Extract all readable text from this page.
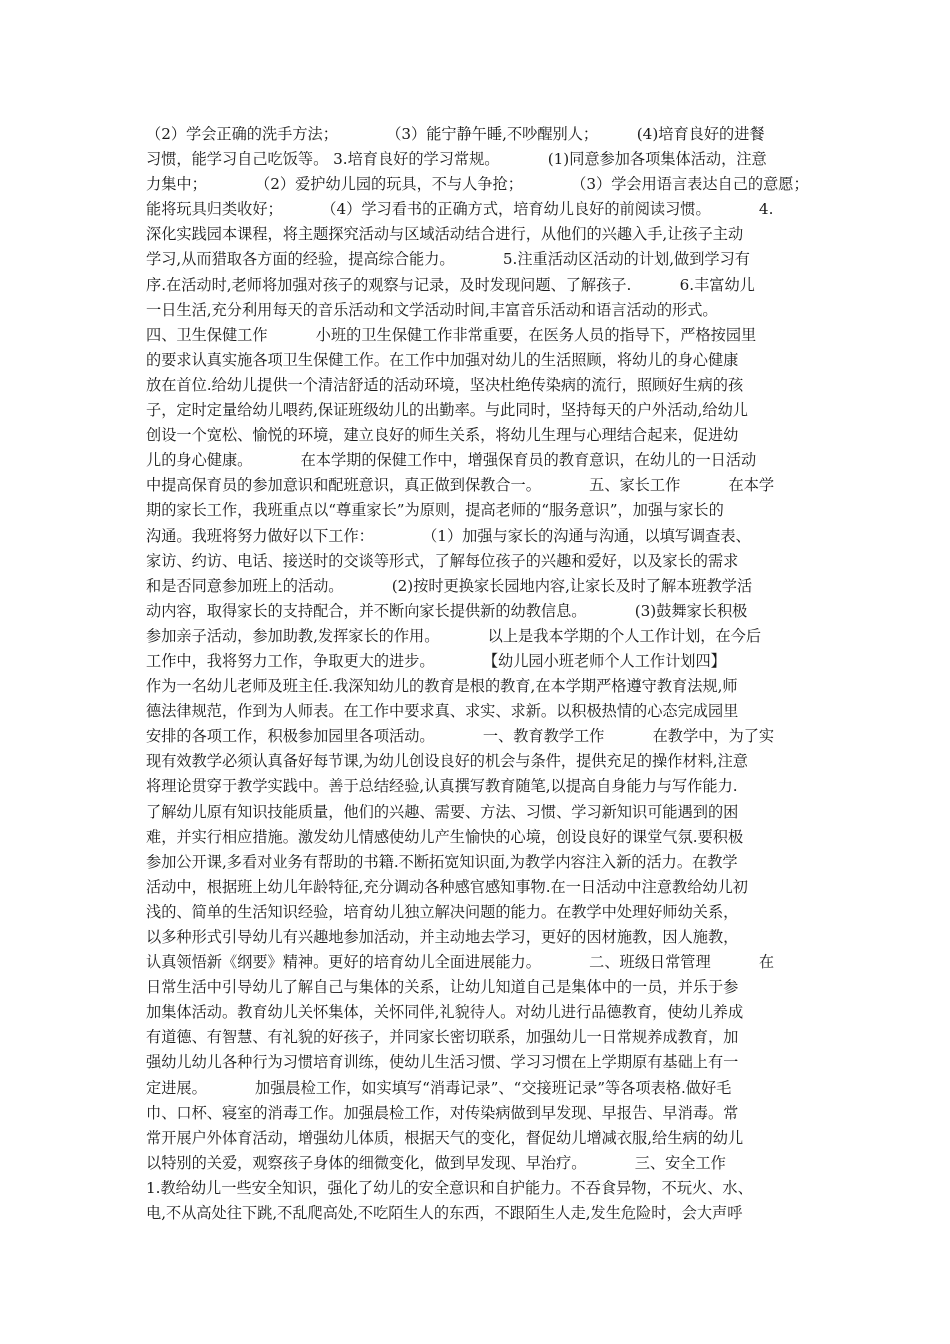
（2）学会正确的洗手方法；          （3）能宁静午睡,不吵醒别人；        (4)培育良好的进餐
习惯，能学习自己吃饭等。 3.培育良好的学习常规。          (1)同意参加各项集体活动，注意
力集中；          （2）爱护幼儿园的玩具，不与人争抢；          （3）学会用语言表达自己的意愿；
能将玩具归类收好；        （4）学习看书的正确方式，培育幼儿良好的前阅读习惯。          4.
深化实践园本课程，将主题探究活动与区域活动结合进行，从他们的兴趣入手,让孩子主动
学习,从而猎取各方面的经验，提高综合能力。          5.注重活动区活动的计划,做到学习有
序.在活动时,老师将加强对孩子的观察与记录，及时发现问题、了解孩子.          6.丰富幼儿
一日生活,充分利用每天的音乐活动和文学活动时间,丰富音乐活动和语言活动的形式。
四、卫生保健工作          小班的卫生保健工作非常重要，在医务人员的指导下，严格按园里
的要求认真实施各项卫生保健工作。在工作中加强对幼儿的生活照顾，将幼儿的身心健康
放在首位.给幼儿提供一个清洁舒适的活动环境，坚决杜绝传染病的流行，照顾好生病的孩
子，定时定量给幼儿喂药,保证班级幼儿的出勤率。与此同时，坚持每天的户外活动,给幼儿
创设一个宽松、愉悦的环境，建立良好的师生关系，将幼儿生理与心理结合起来，促进幼
儿的身心健康。          在本学期的保健工作中，增强保育员的教育意识，在幼儿的一日活动
中提高保育员的参加意识和配班意识，真正做到保教合一。          五、家长工作          在本学
期的家长工作，我班重点以“尊重家长”为原则，提高老师的“服务意识”，加强与家长的
沟通。我班将努力做好以下工作：          （1）加强与家长的沟通与沟通，以填写调查表、
家访、约访、电话、接送时的交谈等形式，了解每位孩子的兴趣和爱好，以及家长的需求
和是否同意参加班上的活动。          (2)按时更换家长园地内容,让家长及时了解本班教学活
动内容，取得家长的支持配合，并不断向家长提供新的幼教信息。          (3)鼓舞家长积极
参加亲子活动，参加助教,发挥家长的作用。          以上是我本学期的个人工作计划，在今后
工作中，我将努力工作，争取更大的进步。          【幼儿园小班老师个人工作计划四】
作为一名幼儿老师及班主任.我深知幼儿的教育是根的教育,在本学期严格遵守教育法规,师
德法律规范，作到为人师表。在工作中要求真、求实、求新。以积极热情的心态完成园里
安排的各项工作，积极参加园里各项活动。          一、教育教学工作          在教学中，为了实
现有效教学必须认真备好每节课,为幼儿创设良好的机会与条件，提供充足的操作材料,注意
将理论贯穿于教学实践中。善于总结经验,认真撰写教育随笔,以提高自身能力与写作能力.
了解幼儿原有知识技能质量，他们的兴趣、需要、方法、习惯、学习新知识可能遇到的困
难，并实行相应措施。激发幼儿情感使幼儿产生愉快的心境，创设良好的课堂气氛.要积极
参加公开课,多看对业务有帮助的书籍.不断拓宽知识面,为教学内容注入新的活力。在教学
活动中，根据班上幼儿年龄特征,充分调动各种感官感知事物.在一日活动中注意教给幼儿初
浅的、简单的生活知识经验，培育幼儿独立解决问题的能力。在教学中处理好师幼关系，
以多种形式引导幼儿有兴趣地参加活动，并主动地去学习，更好的因材施教，因人施教，
认真领悟新《纲要》精神。更好的培育幼儿全面进展能力。          二、班级日常管理          在
日常生活中引导幼儿了解自己与集体的关系，让幼儿知道自己是集体中的一员，并乐于参
加集体活动。教育幼儿关怀集体，关怀同伴,礼貌待人。对幼儿进行品德教育，使幼儿养成
有道德、有智慧、有礼貌的好孩子，并同家长密切联系，加强幼儿一日常规养成教育，加
强幼儿幼儿各种行为习惯培育训练，使幼儿生活习惯、学习习惯在上学期原有基础上有一
定进展。          加强晨检工作，如实填写“消毒记录”、“交接班记录”等各项表格.做好毛
巾、口杯、寝室的消毒工作。加强晨检工作，对传染病做到早发现、早报告、早消毒。常
常开展户外体育活动，增强幼儿体质，根据天气的变化，督促幼儿增减衣服,给生病的幼儿
以特别的关爱，观察孩子身体的细微变化，做到早发现、早治疗。          三、安全工作
1.教给幼儿一些安全知识，强化了幼儿的安全意识和自护能力。不吞食异物，不玩火、水、
电,不从高处往下跳,不乱爬高处,不吃陌生人的东西，不跟陌生人走,发生危险时，会大声呼
